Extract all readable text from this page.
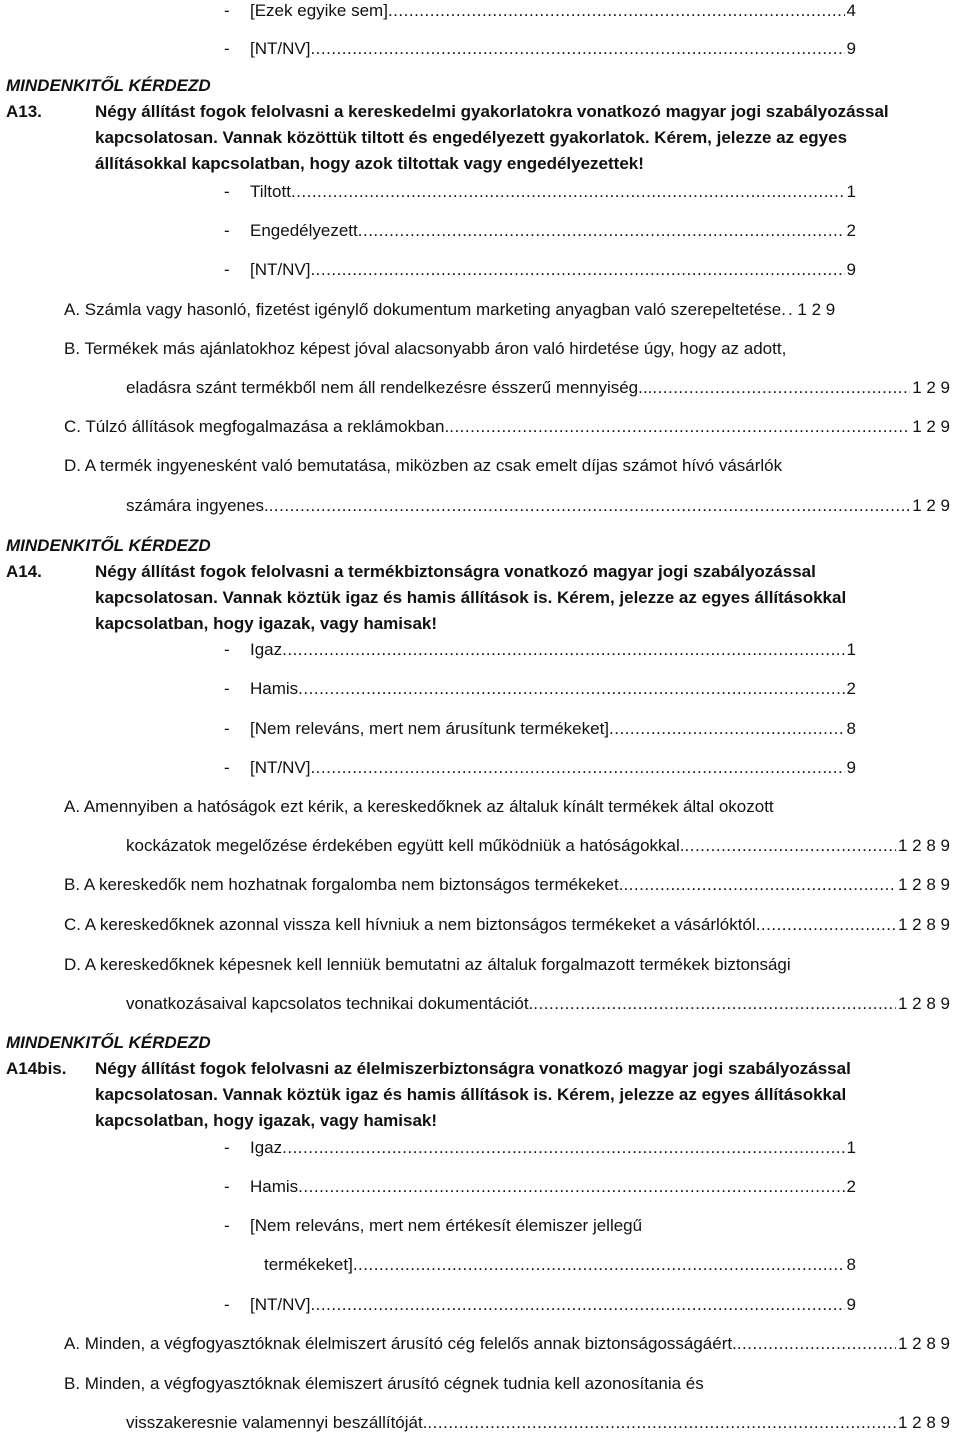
-	[Ezek egyike sem] .....	4
-	[NT/NV] .....	9
MINDENKITŐL KÉRDEZD
A13.	Négy állítást fogok felolvasni a kereskedelmi gyakorlatokra vonatkozó magyar jogi szabályozással
kapcsolatosan. Vannak közöttük tiltott és engedélyezett gyakorlatok. Kérem, jelezze az egyes
állításokkal kapcsolatban, hogy azok tiltottak vagy engedélyezettek!
-	Tiltott .....	1
-	Engedélyezett .....	2
-	[NT/NV] .....	9
A. Számla vagy hasonló, fizetést igénylő dokumentum marketing anyagban való szerepeltetése. . 1 2 9
B. Termékek más ajánlatokhoz képest jóval alacsonyabb áron való hirdetése úgy, hogy az adott,
eladásra szánt termékből nem áll rendelkezésre ésszerű mennyiség... .....	1 2 9
C. Túlzó állítások megfogalmazása a reklámokban. .....	1 2 9
D. A termék ingyenesként való bemutatása, miközben az csak emelt díjas számot hívó vásárlók
számára ingyenes. .....	1 2 9
MINDENKITŐL KÉRDEZD
A14.	Négy állítást fogok felolvasni a termékbiztonságra vonatkozó magyar jogi szabályozással
kapcsolatosan. Vannak köztük igaz és hamis állítások is. Kérem, jelezze az egyes állításokkal
kapcsolatban, hogy igazak, vagy hamisak!
-	Igaz .....	1
-	Hamis .....	2
-	[Nem releváns, mert nem árusítunk termékeket] .....	8
-	[NT/NV] .....	9
A. Amennyiben a hatóságok ezt kérik, a kereskedőknek az általuk kínált termékek által okozott
kockázatok megelőzése érdekében együtt kell működniük a hatóságokkal. .....	1 2 8 9
B. A kereskedők nem hozhatnak forgalomba nem biztonságos termékeket. .....	1 2 8 9
C. A kereskedőknek azonnal vissza kell hívniuk a nem biztonságos termékeket a vásárlóktól .....	1 2 8 9
D. A kereskedőknek képesnek kell lenniük bemutatni az általuk forgalmazott termékek biztonsági
vonatkozásaival kapcsolatos technikai dokumentációt. .....	1 2 8 9
MINDENKITŐL KÉRDEZD
A14bis. Négy állítást fogok felolvasni az élelmiszerbiztonságra vonatkozó magyar jogi szabályozással
kapcsolatosan. Vannak köztük igaz és hamis állítások is. Kérem, jelezze az egyes állításokkal
kapcsolatban, hogy igazak, vagy hamisak!
-	Igaz .....	1
-	Hamis .....	2
-	[Nem releváns, mert nem értékesít élemiszer jellegű
termékeket] .....	8
-	[NT/NV] .....	9
A. Minden, a végfogyasztóknak élelmiszert árusító cég felelős annak biztonságosságáért. .....	1 2 8 9
B. Minden, a végfogyasztóknak élemiszert árusító cégnek tudnia kell azonosítania és
visszakeresnie valamennyi beszállítóját. .....	1 2 8 9
